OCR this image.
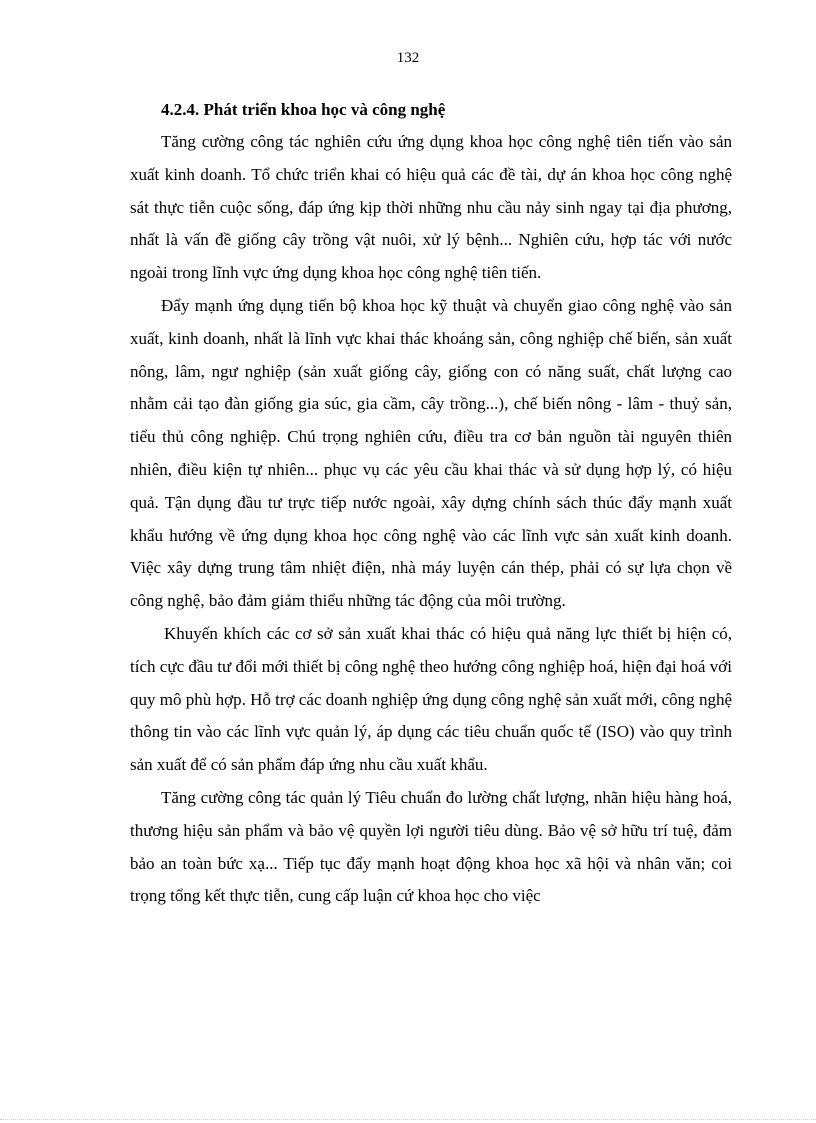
132
4.2.4. Phát triển khoa học và công nghệ

Tăng cường công tác nghiên cứu ứng dụng khoa học công nghệ tiên tiến vào sản xuất kinh doanh. Tổ chức triển khai có hiệu quả các đề tài, dự án khoa học công nghệ sát thực tiễn cuộc sống, đáp ứng kịp thời những nhu cầu nảy sinh ngay tại địa phương, nhất là vấn đề giống cây trồng vật nuôi, xử lý bệnh... Nghiên cứu, hợp tác với nước ngoài trong lĩnh vực ứng dụng khoa học công nghệ tiên tiến.

Đẩy mạnh ứng dụng tiến bộ khoa học kỹ thuật và chuyển giao công nghệ vào sản xuất, kinh doanh, nhất là lĩnh vực khai thác khoáng sản, công nghiệp chế biến, sản xuất nông, lâm, ngư nghiệp (sản xuất giống cây, giống con có năng suất, chất lượng cao nhằm cải tạo đàn giống gia súc, gia cầm, cây trồng...), chế biến nông - lâm - thuỷ sản, tiểu thủ công nghiệp. Chú trọng nghiên cứu, điều tra cơ bản nguồn tài nguyên thiên nhiên, điều kiện tự nhiên... phục vụ các yêu cầu khai thác và sử dụng hợp lý, có hiệu quả. Tận dụng đầu tư trực tiếp nước ngoài, xây dựng chính sách thúc đẩy mạnh xuất khẩu hướng về ứng dụng khoa học công nghệ vào các lĩnh vực sản xuất kinh doanh. Việc xây dựng trung tâm nhiệt điện, nhà máy luyện cán thép, phải có sự lựa chọn về công nghệ, bảo đảm giảm thiểu những tác động của môi trường.

Khuyến khích các cơ sở sản xuất khai thác có hiệu quả năng lực thiết bị hiện có, tích cực đầu tư đổi mới thiết bị công nghệ theo hướng công nghiệp hoá, hiện đại hoá với quy mô phù hợp. Hỗ trợ các doanh nghiệp ứng dụng công nghệ sản xuất mới, công nghệ thông tin vào các lĩnh vực quản lý, áp dụng các tiêu chuẩn quốc tế (ISO) vào quy trình sản xuất để có sản phẩm đáp ứng nhu cầu xuất khẩu.

Tăng cường công tác quản lý Tiêu chuẩn đo lường chất lượng, nhãn hiệu hàng hoá, thương hiệu sản phẩm và bảo vệ quyền lợi người tiêu dùng. Bảo vệ sở hữu trí tuệ, đảm bảo an toàn bức xạ... Tiếp tục đẩy mạnh hoạt động khoa học xã hội và nhân văn; coi trọng tổng kết thực tiễn, cung cấp luận cứ khoa học cho việc
